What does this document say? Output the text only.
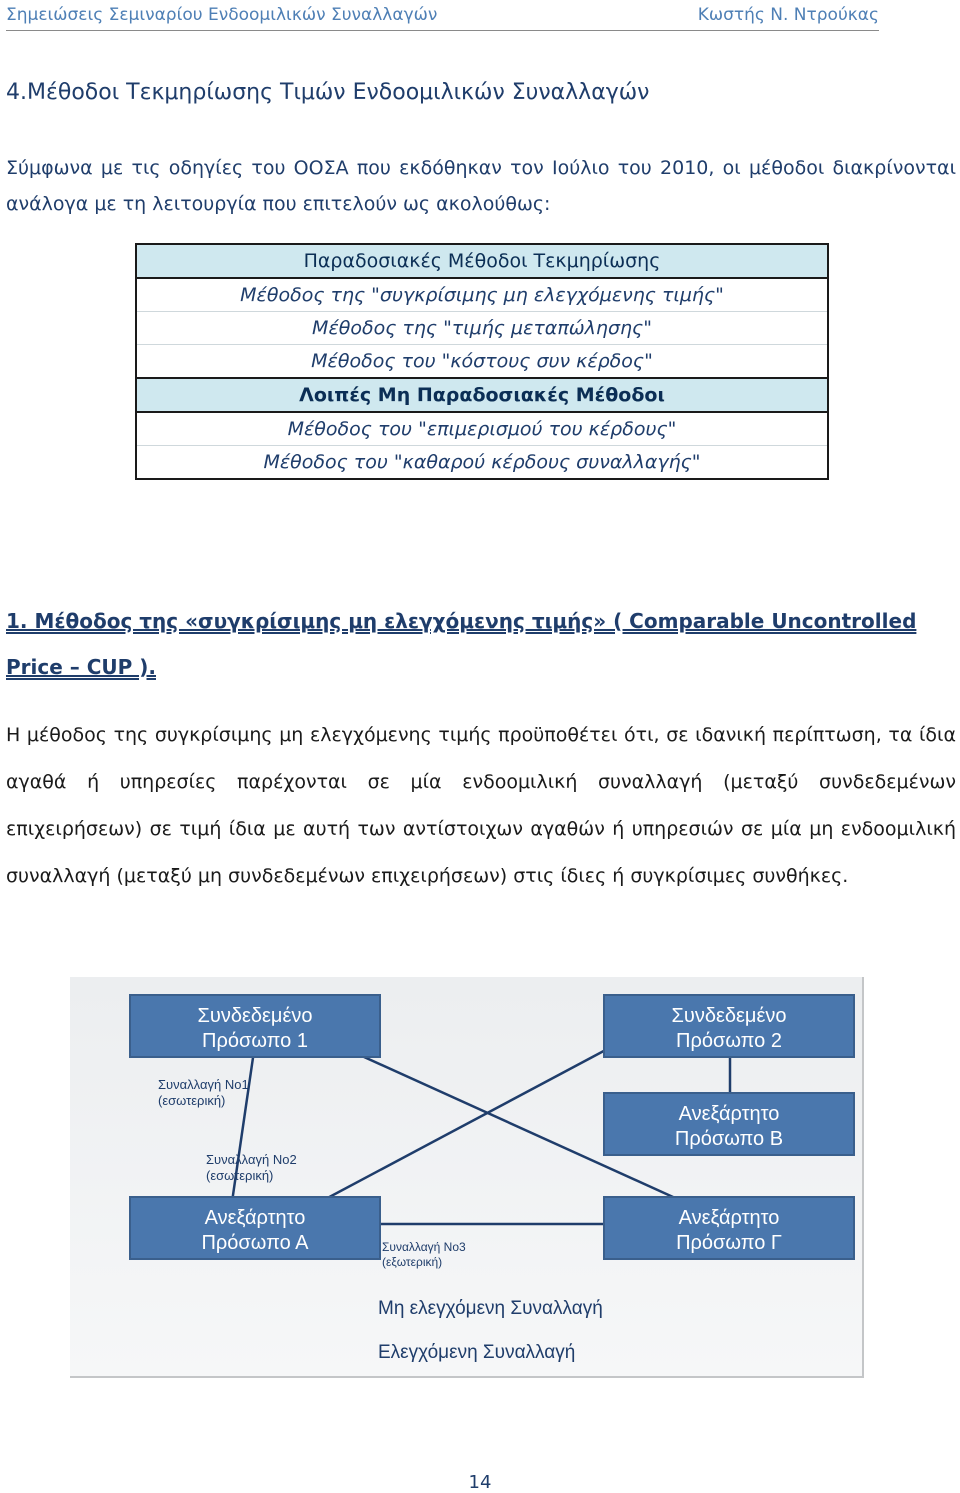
Σημειώσεις Σεμιναρίου Ενδοομιλικών Συναλλαγών	Κωστής Ν. Ντρούκας
4.Μέθοδοι Τεκμηρίωσης Τιμών Ενδοομιλικών Συναλλαγών
Σύμφωνα με τις οδηγίες του ΟΟΣΑ που εκδόθηκαν τον Ιούλιο του 2010, οι μέθοδοι διακρίνονται ανάλογα με τη λειτουργία που επιτελούν ως ακολούθως:
Παραδοσιακές Μέθοδοι Τεκμηρίωσης
Μέθοδος της "συγκρίσιμης μη ελεγχόμενης τιμής"
Μέθοδος της "τιμής μεταπώλησης"
Μέθοδος του "κόστους συν κέρδος"
Λοιπές Μη Παραδοσιακές Μέθοδοι
Μέθοδος του "επιμερισμού του κέρδους"
Μέθοδος του "καθαρού κέρδους συναλλαγής"
1. Μέθοδος της «συγκρίσιμης μη ελεγχόμενης τιμής» ( Comparable Uncontrolled Price – CUP ).
Η μέθοδος της συγκρίσιμης μη ελεγχόμενης τιμής προϋποθέτει ότι, σε ιδανική περίπτωση, τα ίδια αγαθά ή υπηρεσίες παρέχονται σε μία ενδοομιλική συναλλαγή (μεταξύ συνδεδεμένων επιχειρήσεων) σε τιμή ίδια με αυτή των αντίστοιχων αγαθών ή υπηρεσιών σε μία μη ενδοομιλική συναλλαγή (μεταξύ μη συνδεδεμένων επιχειρήσεων) στις ίδιες ή συγκρίσιμες συνθήκες.
Συνδεδεμένο
Πρόσωπο 1
Συνδεδεμένο
Πρόσωπο 2
Ανεξάρτητο
Πρόσωπο Β
Ανεξάρτητο
Πρόσωπο Α
Ανεξάρτητο
Πρόσωπο Γ
Συναλλαγή Νο1
(εσωτερική)
Συναλλαγή Νο2
(εσωτερική)
Συναλλαγή Νο3
(εξωτερική)
Μη ελεγχόμενη Συναλλαγή
Ελεγχόμενη Συναλλαγή
14
